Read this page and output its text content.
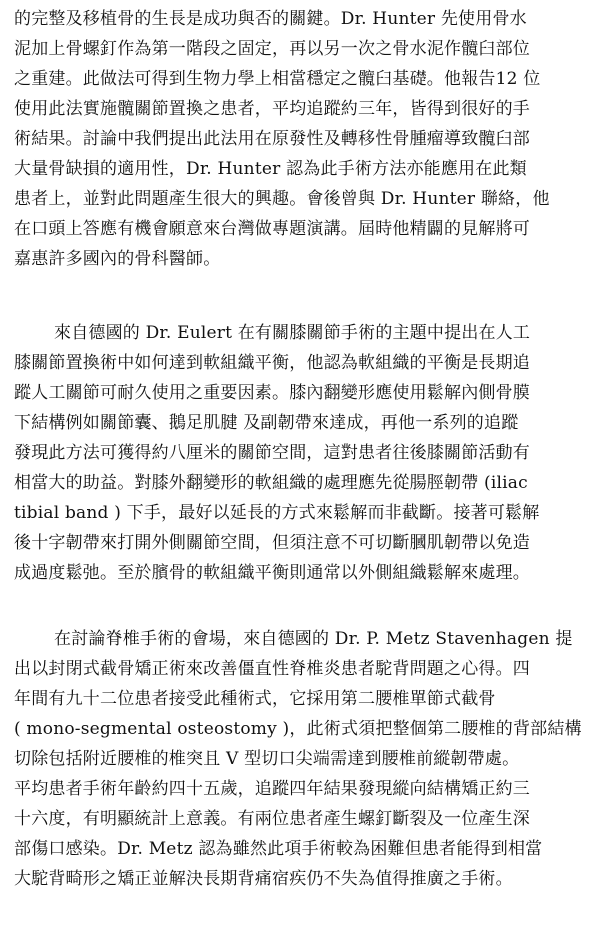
的完整及移植骨的生長是成功與否的關鍵。Dr. Hunter 先使用骨水
泥加上骨螺釘作為第一階段之固定，再以另一次之骨水泥作髖臼部位
之重建。此做法可得到生物力學上相當穩定之髖臼基礎。他報告12 位
使用此法實施髖關節置換之患者，平均追蹤約三年，皆得到很好的手
術結果。討論中我們提出此法用在原發性及轉移性骨腫瘤導致髖臼部
大量骨缺損的適用性，Dr. Hunter 認為此手術方法亦能應用在此類
患者上，並對此問題產生很大的興趣。會後曾與 Dr. Hunter 聯絡，他
在口頭上答應有機會願意來台灣做專題演講。屆時他精闢的見解將可
嘉惠許多國內的骨科醫師。
來自德國的 Dr. Eulert 在有關膝關節手術的主題中提出在人工
膝關節置換術中如何達到軟組織平衡，他認為軟組織的平衡是長期追
蹤人工關節可耐久使用之重要因素。膝內翻變形應使用鬆解內側骨膜
下結構例如關節囊、鵝足肌腱 及副韌帶來達成，再他一系列的追蹤
發現此方法可獲得約八厘米的關節空間，這對患者往後膝關節活動有
相當大的助益。對膝外翻變形的軟組織的處理應先從腸脛韌帶 (iliac
tibial band ) 下手，最好以延長的方式來鬆解而非截斷。接著可鬆解
後十字韌帶來打開外側關節空間，但須注意不可切斷膕肌韌帶以免造
成過度鬆弛。至於臏骨的軟組織平衡則通常以外側組織鬆解來處理。
在討論脊椎手術的會場，來自德國的 Dr. P. Metz Stavenhagen 提
出以封閉式截骨矯正術來改善僵直性脊椎炎患者駝背問題之心得。四
年間有九十二位患者接受此種術式，它採用第二腰椎單節式截骨
( mono-segmental osteostomy )，此術式須把整個第二腰椎的背部結構
切除包括附近腰椎的椎突且 V 型切口尖端需達到腰椎前縱韌帶處。
平均患者手術年齡約四十五歲，追蹤四年結果發現縱向結構矯正約三
十六度，有明顯統計上意義。有兩位患者產生螺釘斷裂及一位產生深
部傷口感染。Dr. Metz 認為雖然此項手術較為困難但患者能得到相當
大駝背畸形之矯正並解決長期背痛宿疾仍不失為值得推廣之手術。
